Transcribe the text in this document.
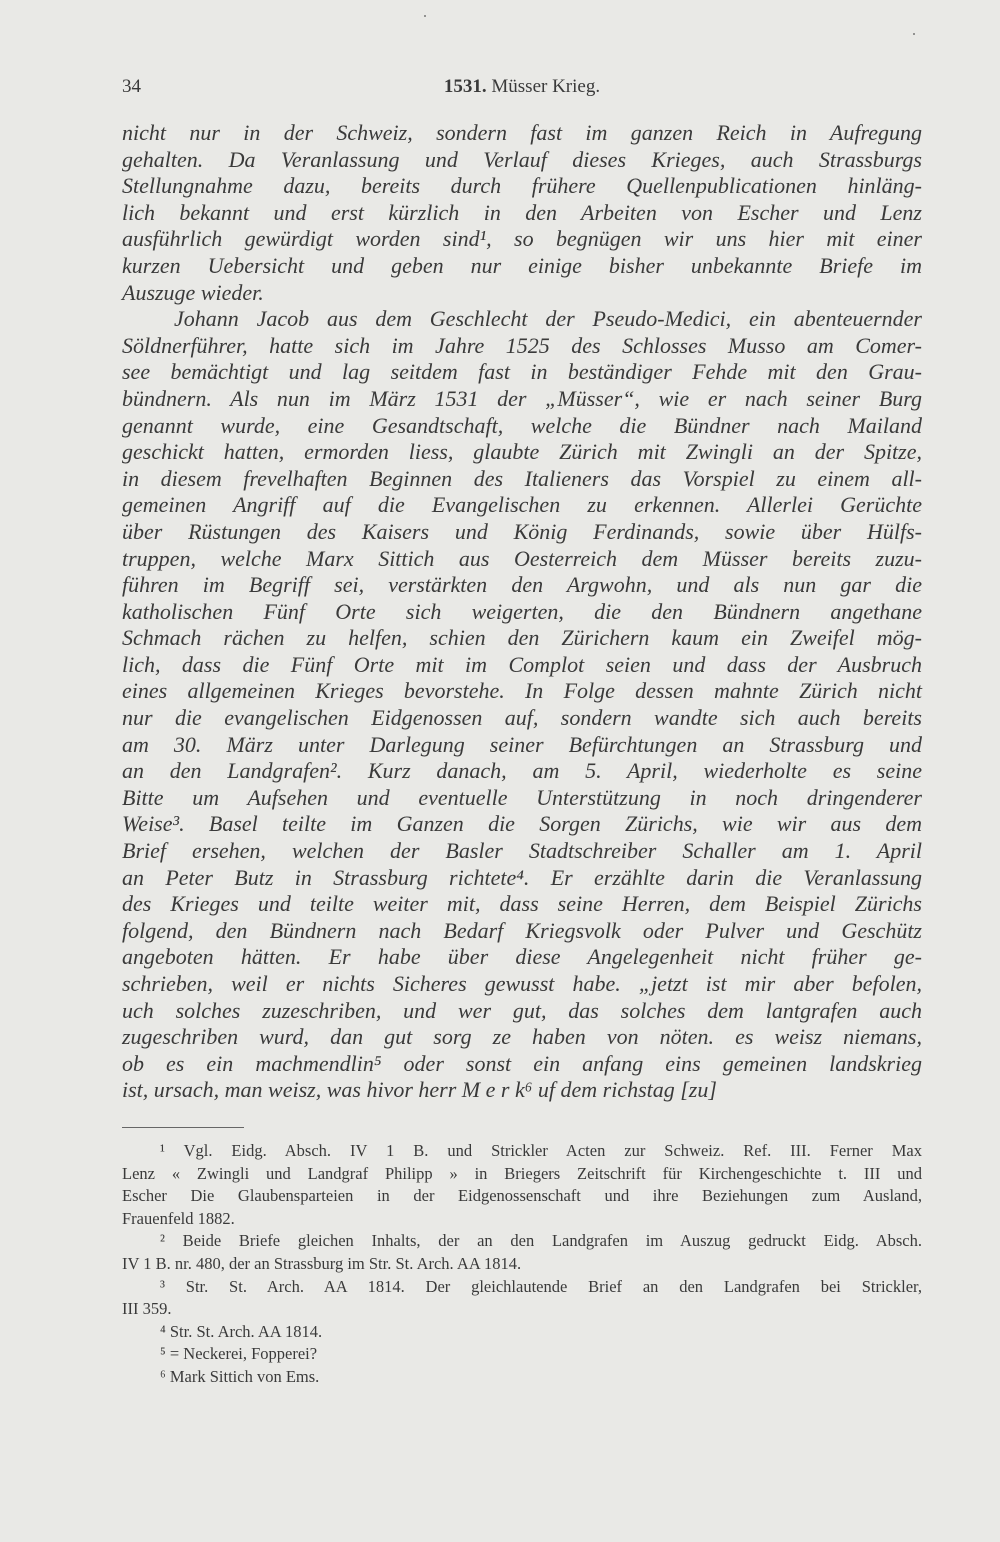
34	1531. Müsser Krieg.
nicht nur in der Schweiz, sondern fast im ganzen Reich in Aufregung
gehalten. Da Veranlassung und Verlauf dieses Krieges, auch Strassburgs
Stellungnahme dazu, bereits durch frühere Quellenpublicationen hinläng-
lich bekannt und erst kürzlich in den Arbeiten von Escher und Lenz
ausführlich gewürdigt worden sind¹, so begnügen wir uns hier mit einer
kurzen Uebersicht und geben nur einige bisher unbekannte Briefe im
Auszuge wieder.
Johann Jacob aus dem Geschlecht der Pseudo-Medici, ein abenteuernder
Söldnerführer, hatte sich im Jahre 1525 des Schlosses Musso am Comer-
see bemächtigt und lag seitdem fast in beständiger Fehde mit den Grau-
bündnern. Als nun im März 1531 der „Müsser“, wie er nach seiner Burg
genannt wurde, eine Gesandtschaft, welche die Bündner nach Mailand
geschickt hatten, ermorden liess, glaubte Zürich mit Zwingli an der Spitze,
in diesem frevelhaften Beginnen des Italieners das Vorspiel zu einem all-
gemeinen Angriff auf die Evangelischen zu erkennen. Allerlei Gerüchte
über Rüstungen des Kaisers und König Ferdinands, sowie über Hülfs-
truppen, welche Marx Sittich aus Oesterreich dem Müsser bereits zuzu-
führen im Begriff sei, verstärkten den Argwohn, und als nun gar die
katholischen Fünf Orte sich weigerten, die den Bündnern angethane
Schmach rächen zu helfen, schien den Zürichern kaum ein Zweifel mög-
lich, dass die Fünf Orte mit im Complot seien und dass der Ausbruch
eines allgemeinen Krieges bevorstehe. In Folge dessen mahnte Zürich nicht
nur die evangelischen Eidgenossen auf, sondern wandte sich auch bereits
am 30. März unter Darlegung seiner Befürchtungen an Strassburg und
an den Landgrafen². Kurz danach, am 5. April, wiederholte es seine
Bitte um Aufsehen und eventuelle Unterstützung in noch dringenderer
Weise³. Basel teilte im Ganzen die Sorgen Zürichs, wie wir aus dem
Brief ersehen, welchen der Basler Stadtschreiber Schaller am 1. April
an Peter Butz in Strassburg richtete⁴. Er erzählte darin die Veranlassung
des Krieges und teilte weiter mit, dass seine Herren, dem Beispiel Zürichs
folgend, den Bündnern nach Bedarf Kriegsvolk oder Pulver und Geschütz
angeboten hätten. Er habe über diese Angelegenheit nicht früher ge-
schrieben, weil er nichts Sicheres gewusst habe. „jetzt ist mir aber befolen,
uch solches zuzeschriben, und wer gut, das solches dem lantgrafen auch
zugeschriben wurd, dan gut sorg ze haben von nöten. es weisz niemans,
ob es ein machmendlin⁵ oder sonst ein anfang eins gemeinen landskrieg
ist, ursach, man weisz, was hivor herr M e r k⁶ uf dem richstag [zu]
¹ Vgl. Eidg. Absch. IV 1 B. und Strickler Acten zur Schweiz. Ref. III. Ferner Max
Lenz « Zwingli und Landgraf Philipp » in Briegers Zeitschrift für Kirchengeschichte t. III und
Escher Die Glaubensparteien in der Eidgenossenschaft und ihre Beziehungen zum Ausland,
Frauenfeld 1882.
² Beide Briefe gleichen Inhalts, der an den Landgrafen im Auszug gedruckt Eidg. Absch.
IV 1 B. nr. 480, der an Strassburg im Str. St. Arch. AA 1814.
³ Str. St. Arch. AA 1814. Der gleichlautende Brief an den Landgrafen bei Strickler,
III 359.
⁴ Str. St. Arch. AA 1814.
⁵ = Neckerei, Fopperei?
⁶ Mark Sittich von Ems.
